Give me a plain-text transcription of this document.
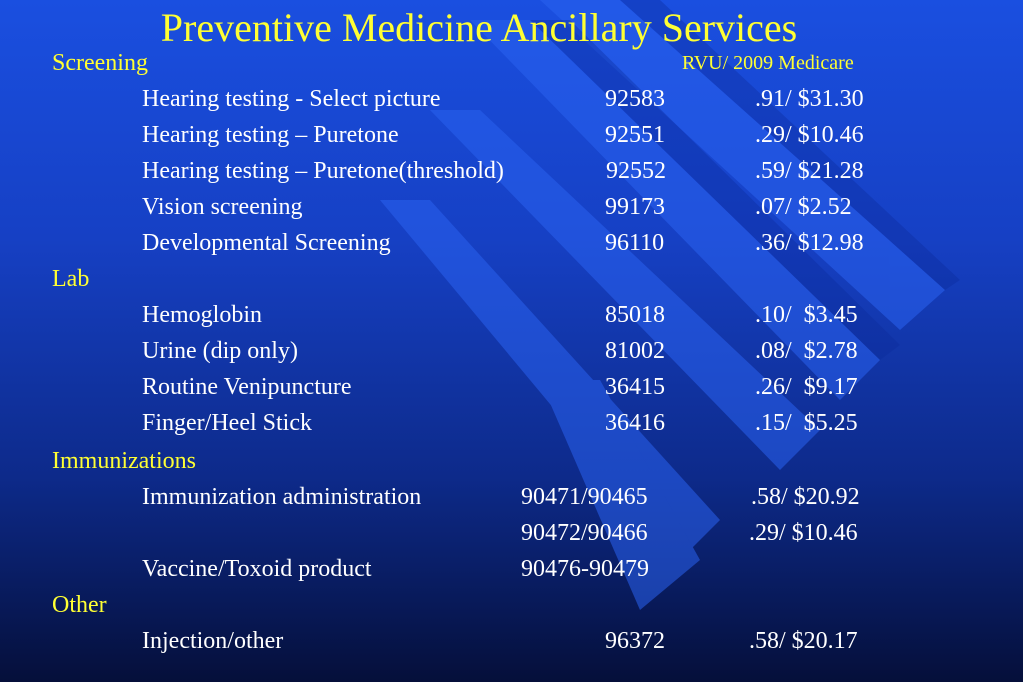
Preventive Medicine Ancillary Services
Screening	RVU/ 2009 Medicare
Hearing testing - Select picture	92583	.91/ $31.30
Hearing testing – Puretone	92551	.29/ $10.46
Hearing testing – Puretone(threshold)	92552	.59/ $21.28
Vision screening	99173	.07/ $2.52
Developmental Screening	96110	.36/ $12.98
Lab
Hemoglobin	85018	.10/  $3.45
Urine (dip only)	81002	.08/  $2.78
Routine Venipuncture	36415	.26/  $9.17
Finger/Heel Stick	36416	.15/  $5.25
Immunizations
Immunization administration	90471/90465	.58/ $20.92
90472/90466	.29/ $10.46
Vaccine/Toxoid product	90476-90479
Other
Injection/other	96372	.58/ $20.17
